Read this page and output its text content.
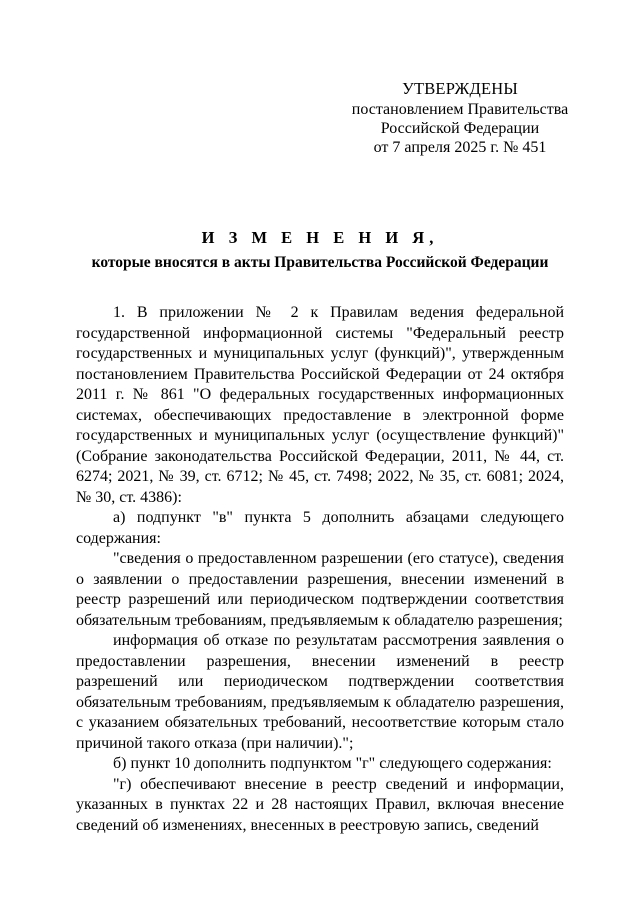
УТВЕРЖДЕНЫ
постановлением Правительства
Российской Федерации
от 7 апреля 2025 г. № 451
И З М Е Н Е Н И Я,
которые вносятся в акты Правительства Российской Федерации

1. В приложении № 2 к Правилам ведения федеральной государственной информационной системы "Федеральный реестр государственных и муниципальных услуг (функций)", утвержденным постановлением Правительства Российской Федерации от 24 октября 2011 г. № 861 "О федеральных государственных информационных системах, обеспечивающих предоставление в электронной форме государственных и муниципальных услуг (осуществление функций)" (Собрание законодательства Российской Федерации, 2011, № 44, ст. 6274; 2021, № 39, ст. 6712; № 45, ст. 7498; 2022, № 35, ст. 6081; 2024, № 30, ст. 4386):

а) подпункт "в" пункта 5 дополнить абзацами следующего содержания:

"сведения о предоставленном разрешении (его статусе), сведения о заявлении о предоставлении разрешения, внесении изменений в реестр разрешений или периодическом подтверждении соответствия обязательным требованиям, предъявляемым к обладателю разрешения;

информация об отказе по результатам рассмотрения заявления о предоставлении разрешения, внесении изменений в реестр разрешений или периодическом подтверждении соответствия обязательным требованиям, предъявляемым к обладателю разрешения, с указанием обязательных требований, несоответствие которым стало причиной такого отказа (при наличии).";

б) пункт 10 дополнить подпунктом "г" следующего содержания:

"г) обеспечивают внесение в реестр сведений и информации, указанных в пунктах 22 и 28 настоящих Правил, включая внесение сведений об изменениях, внесенных в реестровую запись, сведений
